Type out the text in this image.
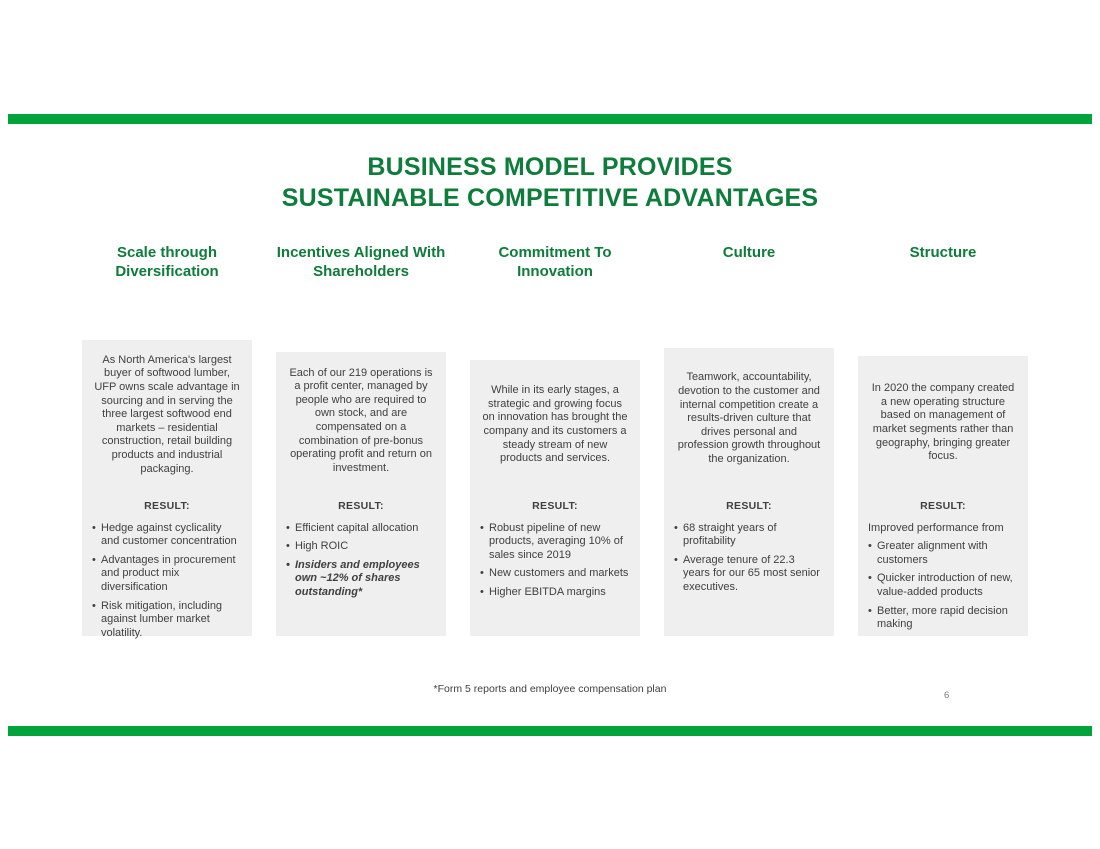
BUSINESS MODEL PROVIDES
SUSTAINABLE COMPETITIVE ADVANTAGES
Scale through Diversification
As North America's largest buyer of softwood lumber, UFP owns scale advantage in sourcing and in serving the three largest softwood end markets – residential construction, retail building products and industrial packaging.
Incentives Aligned With Shareholders
Each of our 219 operations is a profit center, managed by people who are required to own stock, and are compensated on a combination of pre-bonus operating profit and return on investment.
Commitment To Innovation
While in its early stages, a strategic and growing focus on innovation has brought the company and its customers a steady stream of new products and services.
Culture
Teamwork, accountability, devotion to the customer and internal competition create a results-driven culture that drives personal and profession growth throughout the organization.
Structure
In 2020 the company created a new operating structure based on management of market segments rather than geography, bringing greater focus.
RESULT:
• Hedge against cyclicality and customer concentration
• Advantages in procurement and product mix diversification
• Risk mitigation, including against lumber market volatility.
RESULT:
• Efficient capital allocation
• High ROIC
• Insiders and employees own ~12% of shares outstanding*
RESULT:
• Robust pipeline of new products, averaging 10% of sales since 2019
• New customers and markets
• Higher EBITDA margins
RESULT:
• 68 straight years of profitability
• Average tenure of 22.3 years for our 65 most senior executives.
RESULT:
Improved performance from
• Greater alignment with customers
• Quicker introduction of new, value-added products
• Better, more rapid decision making
*Form 5 reports and employee compensation plan
6
